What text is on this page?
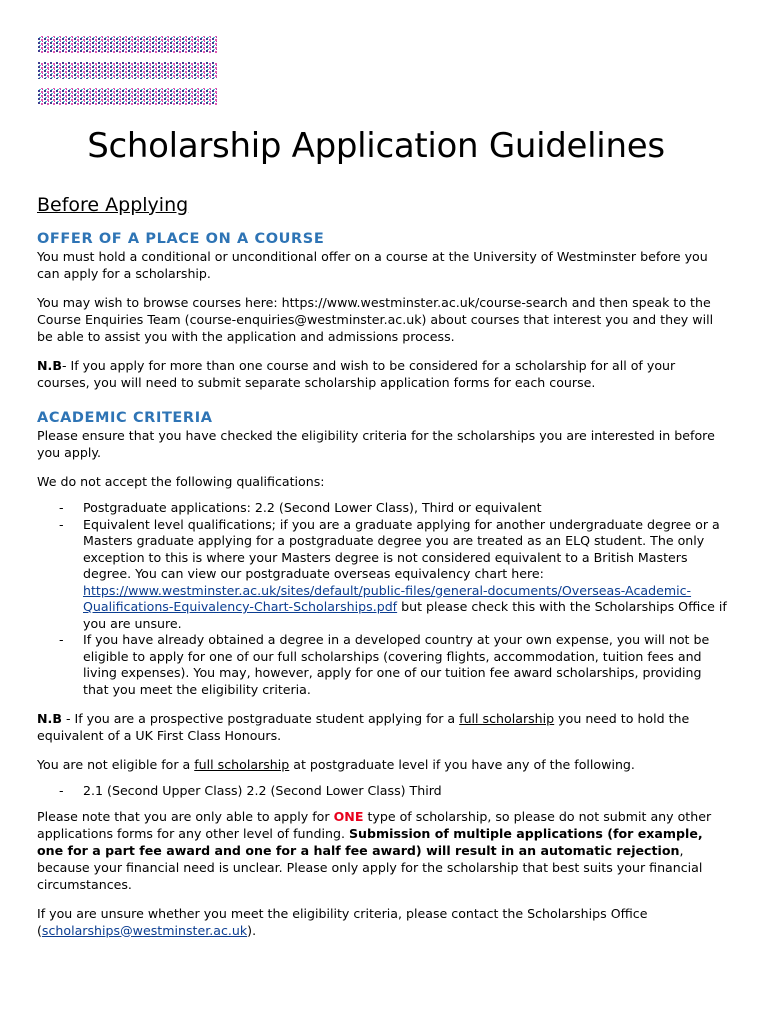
Scholarship Application Guidelines
Before Applying
OFFER OF A PLACE ON A COURSE

You must hold a conditional or unconditional offer on a course at the University of Westminster before you can apply for a scholarship.

You may wish to browse courses here: https://www.westminster.ac.uk/course-search and then speak to the Course Enquiries Team (course-enquiries@westminster.ac.uk) about courses that interest you and they will be able to assist you with the application and admissions process.

N.B- If you apply for more than one course and wish to be considered for a scholarship for all of your courses, you will need to submit separate scholarship application forms for each course.

ACADEMIC CRITERIA

Please ensure that you have checked the eligibility criteria for the scholarships you are interested in before you apply.

We do not accept the following qualifications:

- Postgraduate applications: 2.2 (Second Lower Class), Third or equivalent
- Equivalent level qualifications; if you are a graduate applying for another undergraduate degree or a Masters graduate applying for a postgraduate degree you are treated as an ELQ student. The only exception to this is where your Masters degree is not considered equivalent to a British Masters degree. You can view our postgraduate overseas equivalency chart here: https://www.westminster.ac.uk/sites/default/public-files/general-documents/Overseas-Academic-Qualifications-Equivalency-Chart-Scholarships.pdf but please check this with the Scholarships Office if you are unsure.
- If you have already obtained a degree in a developed country at your own expense, you will not be eligible to apply for one of our full scholarships (covering flights, accommodation, tuition fees and living expenses). You may, however, apply for one of our tuition fee award scholarships, providing that you meet the eligibility criteria.

N.B - If you are a prospective postgraduate student applying for a full scholarship you need to hold the equivalent of a UK First Class Honours.

You are not eligible for a full scholarship at postgraduate level if you have any of the following.

- 2.1 (Second Upper Class) 2.2 (Second Lower Class) Third

Please note that you are only able to apply for ONE type of scholarship, so please do not submit any other applications forms for any other level of funding. Submission of multiple applications (for example, one for a part fee award and one for a half fee award) will result in an automatic rejection, because your financial need is unclear. Please only apply for the scholarship that best suits your financial circumstances.

If you are unsure whether you meet the eligibility criteria, please contact the Scholarships Office (scholarships@westminster.ac.uk).
